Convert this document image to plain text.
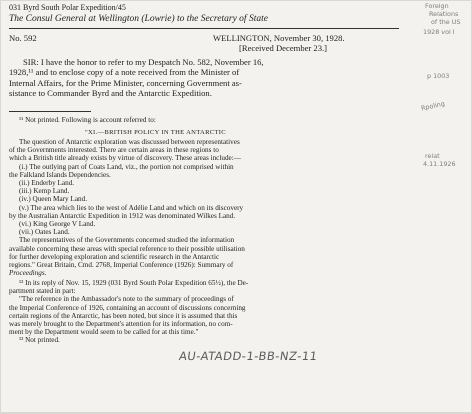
031 Byrd South Polar Expedition/45
The Consul General at Wellington (Lowrie) to the Secretary of State
No. 592	WELLINGTON, November 30, 1928.
[Received December 23.]
SIR: I have the honor to refer to my Despatch No. 582, November 16,
1928,¹¹ and to enclose copy of a note received from the Minister of
Internal Affairs, for the Prime Minister, concerning Government as-
sistance to Commander Byrd and the Antarctic Expedition.
¹¹ Not printed. Following is account referred to:
"XI.—BRITISH POLICY IN THE ANTARCTIC
The question of Antarctic exploration was discussed between representatives
of the Governments interested. There are certain areas in these regions to
which a British title already exists by virtue of discovery. These areas include:—
(i.) The outlying part of Coats Land, viz., the portion not comprised within
the Falkland Islands Dependencies.
(ii.) Enderby Land.
(iii.) Kemp Land.
(iv.) Queen Mary Land.
(v.) The area which lies to the west of Adélie Land and which on its discovery
by the Australian Antarctic Expedition in 1912 was denominated Wilkes Land.
(vi.) King George V Land.
(vii.) Oates Land.
The representatives of the Governments concerned studied the information
available concerning these areas with special reference to their possible utilisation
for further developing exploration and scientific research in the Antarctic
regions." Great Britain, Cmd. 2768, Imperial Conference (1926): Summary of
Proceedings.
¹² In its reply of Nov. 15, 1929 (031 Byrd South Polar Expedition 65½), the De-
partment stated in part:
"The reference in the Ambassador's note to the summary of proceedings of
the Imperial Conference of 1926, containing an account of discussions concerning
certain regions of the Antarctic, has been noted, but since it is assumed that this
was merely brought to the Department's attention for its information, no com-
ment by the Department would seem to be called for at this time."
¹³ Not printed.
Foreign
Relations
of the US
1928 vol I
p 1003
Rpoling
relat
4.11.1926
AU-ATADD-1-BB-NZ-11
